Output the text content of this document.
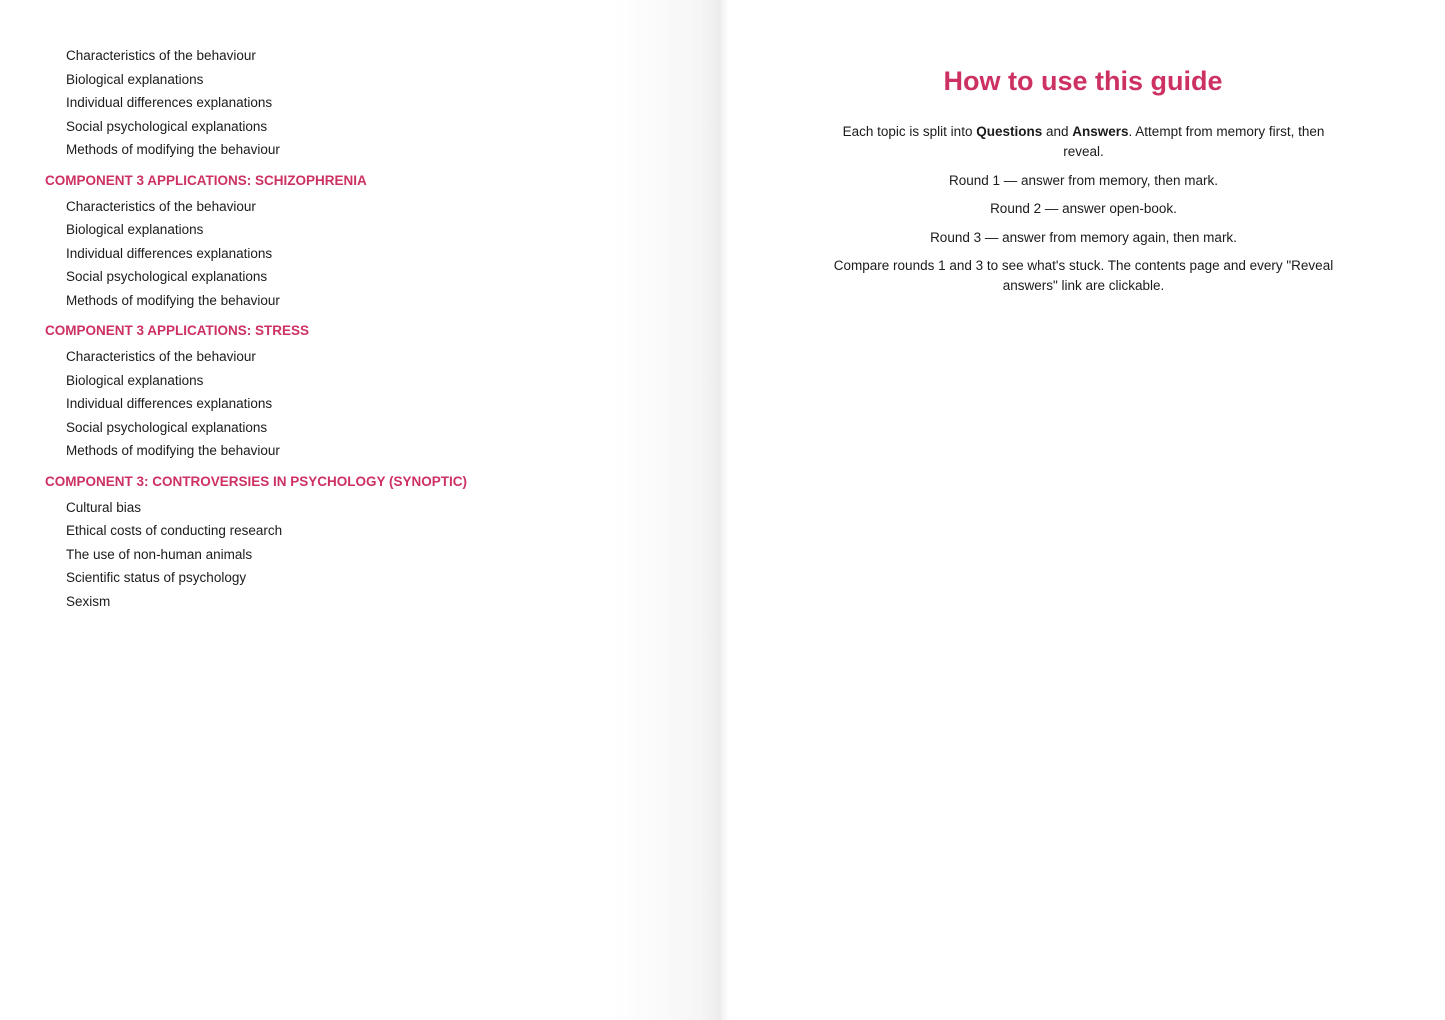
Characteristics of the behaviour
Biological explanations
Individual differences explanations
Social psychological explanations
Methods of modifying the behaviour
COMPONENT 3 APPLICATIONS: SCHIZOPHRENIA
Characteristics of the behaviour
Biological explanations
Individual differences explanations
Social psychological explanations
Methods of modifying the behaviour
COMPONENT 3 APPLICATIONS: STRESS
Characteristics of the behaviour
Biological explanations
Individual differences explanations
Social psychological explanations
Methods of modifying the behaviour
COMPONENT 3: CONTROVERSIES IN PSYCHOLOGY (SYNOPTIC)
Cultural bias
Ethical costs of conducting research
The use of non-human animals
Scientific status of psychology
Sexism
How to use this guide

Each topic is split into Questions and Answers. Attempt from memory first, then reveal.

Round 1 — answer from memory, then mark.

Round 2 — answer open-book.

Round 3 — answer from memory again, then mark.

Compare rounds 1 and 3 to see what's stuck. The contents page and every "Reveal answers" link are clickable.
